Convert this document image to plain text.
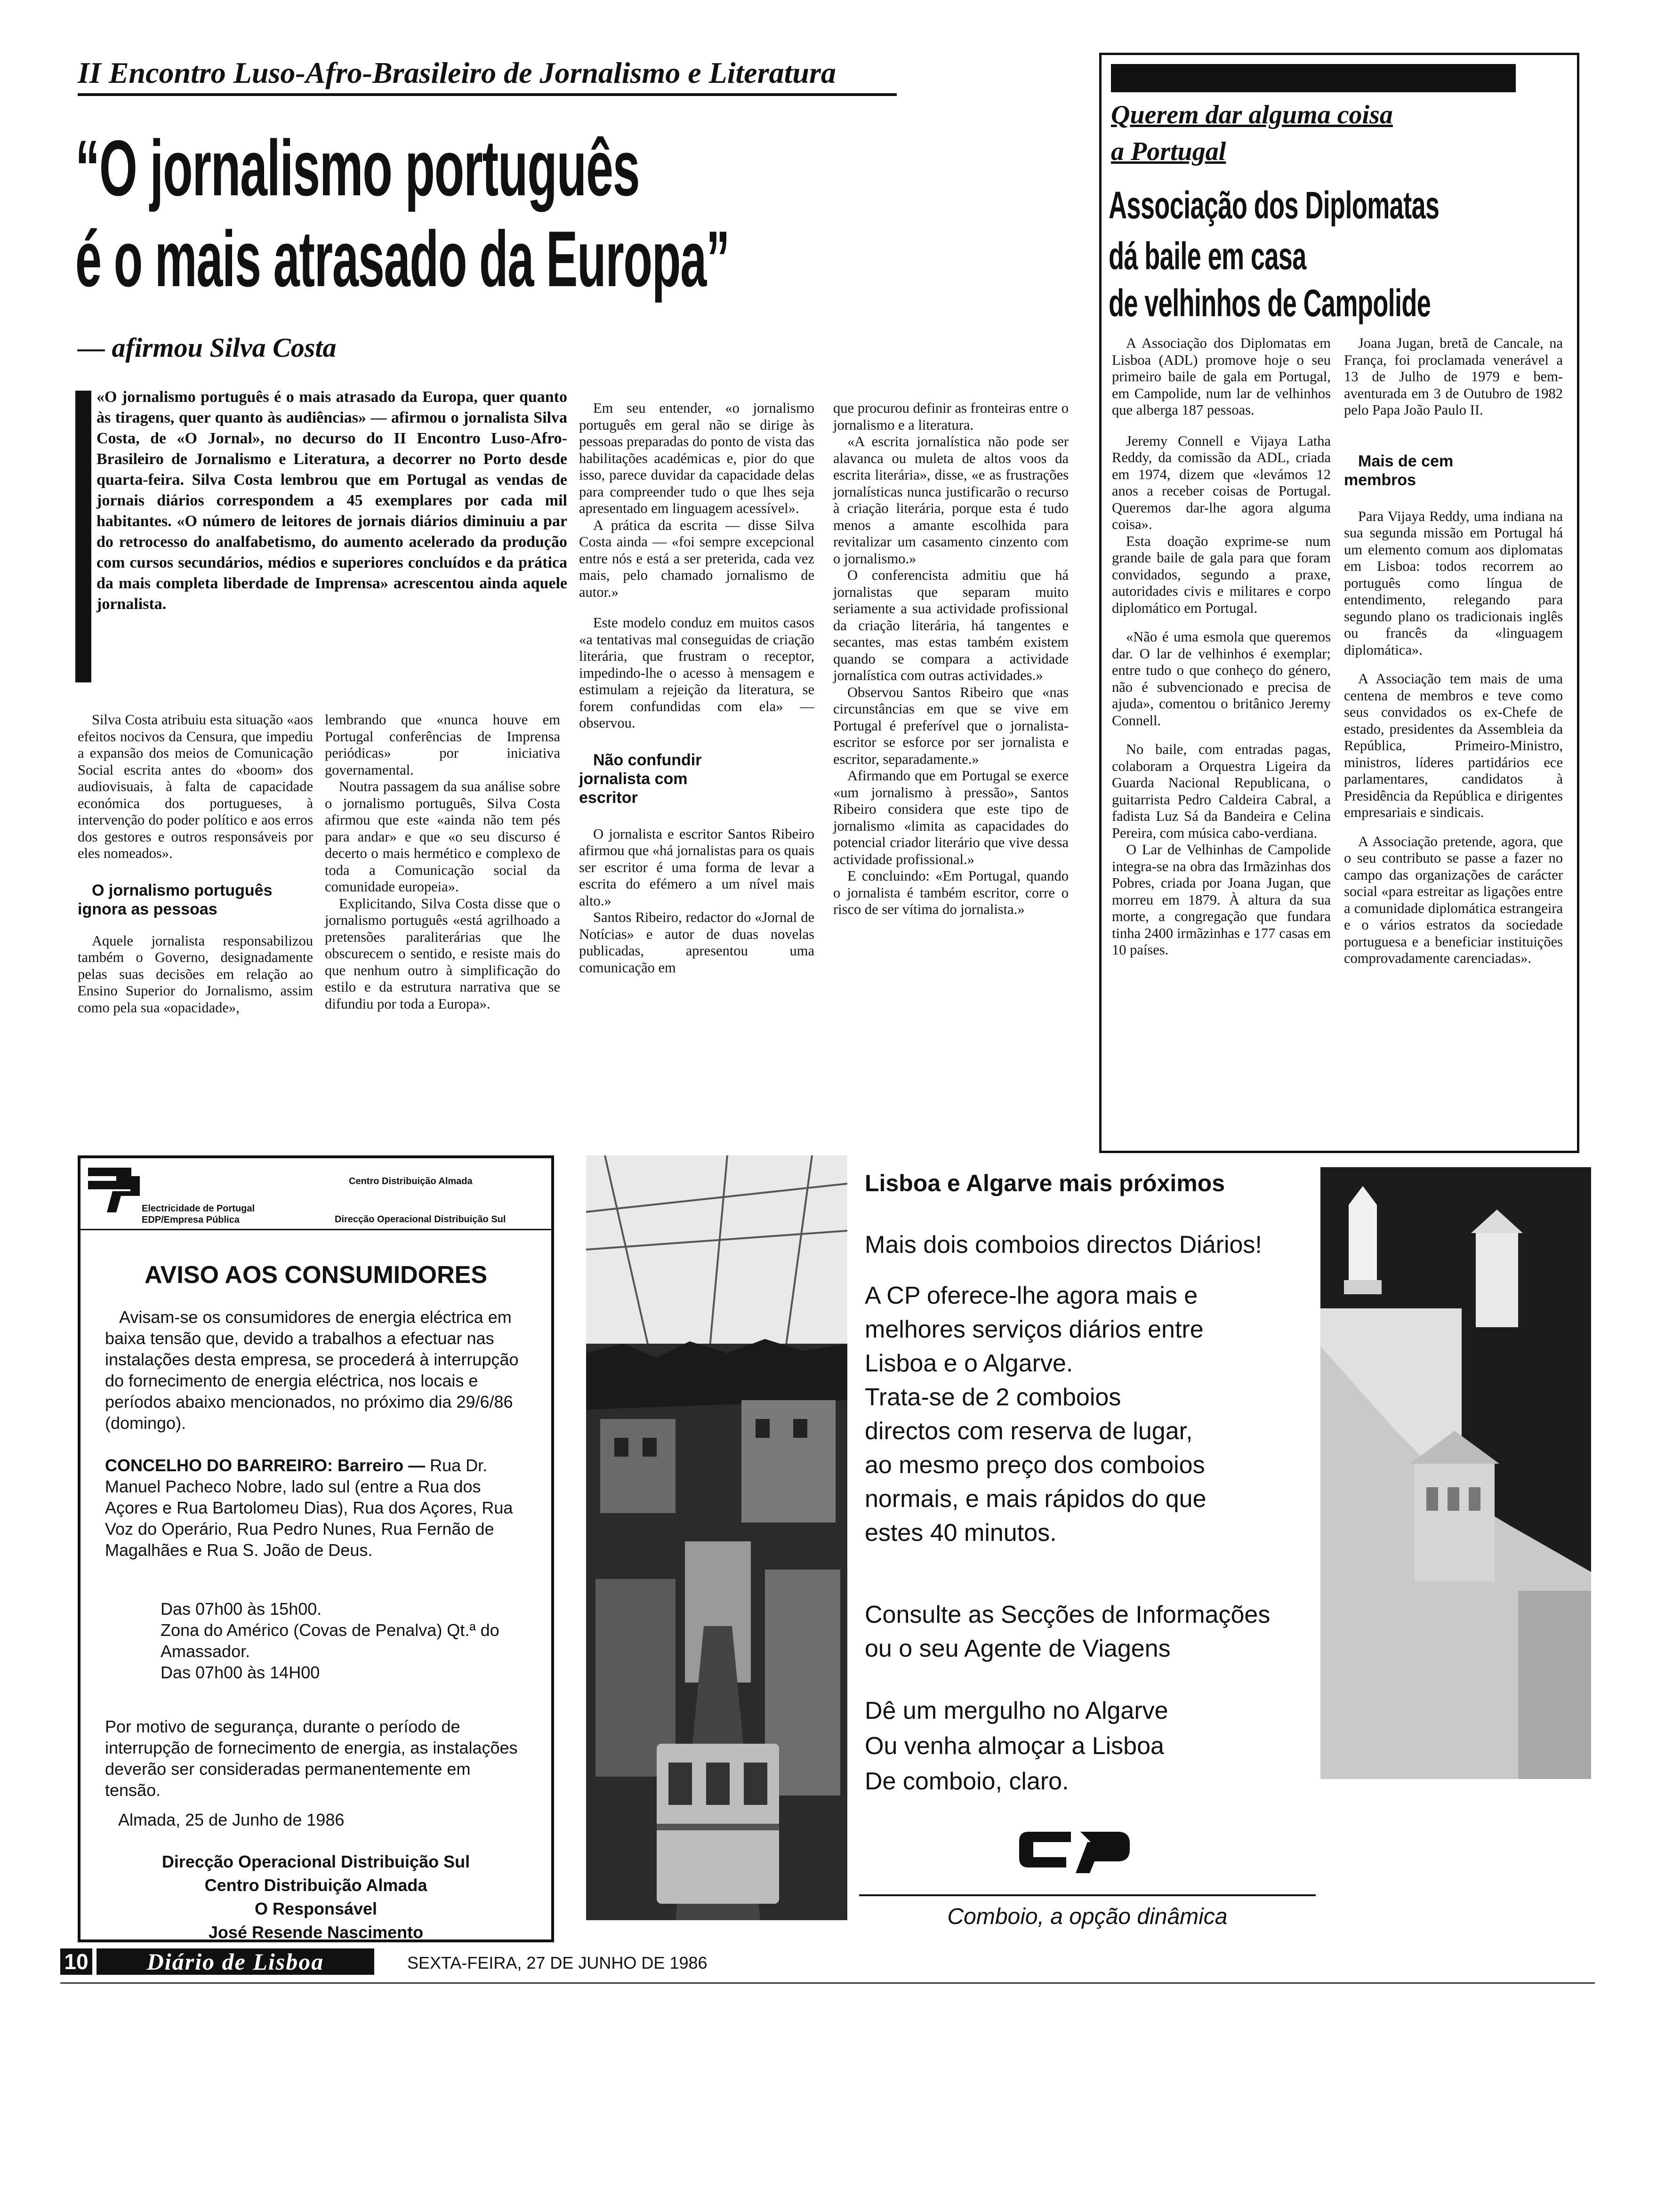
II Encontro Luso-Afro-Brasileiro de Jornalismo e Literatura
“O jornalismo português
é o mais atrasado da Europa”
— afirmou Silva Costa
«O jornalismo português é o mais atrasado da Europa, quer quanto às tiragens, quer quanto às audiências» — afirmou o jornalista Silva Costa, de «O Jornal», no decurso do II Encontro Luso-Afro-Brasileiro de Jornalismo e Literatura, a decorrer no Porto desde quarta-feira. Silva Costa lembrou que em Portugal as vendas de jornais diários correspondem a 45 exemplares por cada mil habitantes. «O número de leitores de jornais diários diminuiu a par do retrocesso do analfabetismo, do aumento acelerado da produção com cursos secundários, médios e superiores concluídos e da prática da mais completa liberdade de Imprensa» acrescentou ainda aquele jornalista.

Silva Costa atribuiu esta situação «aos efeitos nocivos da Censura, que impediu a expansão dos meios de Comunicação Social escrita antes do «boom» dos audiovisuais, à falta de capacidade económica dos portugueses, à intervenção do poder político e aos erros dos gestores e outros responsáveis por eles nomeados».

O jornalismo português ignora as pessoas

Aquele jornalista responsabilizou também o Governo, designadamente pelas suas decisões em relação ao Ensino Superior do Jornalismo, assim como pela sua «opacidade»,

lembrando que «nunca houve em Portugal conferências de Imprensa periódicas» por iniciativa governamental.

Noutra passagem da sua análise sobre o jornalismo português, Silva Costa afirmou que este «ainda não tem pés para andar» e que «o seu discurso é decerto o mais hermético e complexo de toda a Comunicação social da comunidade europeia».

Explicitando, Silva Costa disse que o jornalismo português «está agrilhoado a pretensões paraliterárias que lhe obscurecem o sentido, e resiste mais do que nenhum outro à simplificação do estilo e da estrutura narrativa que se difundiu por toda a Europa».

Em seu entender, «o jornalismo português em geral não se dirige às pessoas preparadas do ponto de vista das habilitações académicas e, pior do que isso, parece duvidar da capacidade delas para compreender tudo o que lhes seja apresentado em linguagem acessível».

A prática da escrita — disse Silva Costa ainda — «foi sempre excepcional entre nós e está a ser preterida, cada vez mais, pelo chamado jornalismo de autor.»

Este modelo conduz em muitos casos «a tentativas mal conseguidas de criação literária, que frustram o receptor, impedindo-lhe o acesso à mensagem e estimulam a rejeição da literatura, se forem confundidas com ela» — observou.

Não confundir jornalista com escritor

O jornalista e escritor Santos Ribeiro afirmou que «há jornalistas para os quais ser escritor é uma forma de levar a escrita do efémero a um nível mais alto.»

Santos Ribeiro, redactor do «Jornal de Notícias» e autor de duas novelas publicadas, apresentou uma comunicação em

que procurou definir as fronteiras entre o jornalismo e a literatura.

«A escrita jornalística não pode ser alavanca ou muleta de altos voos da escrita literária», disse, «e as frustrações jornalísticas nunca justificarão o recurso à criação literária, porque esta é tudo menos a amante escolhida para revitalizar um casamento cinzento com o jornalismo.»

O conferencista admitiu que há jornalistas que separam muito seriamente a sua actividade profissional da criação literária, há tangentes e secantes, mas estas também existem quando se compara a actividade jornalística com outras actividades.»

Observou Santos Ribeiro que «nas circunstâncias em que se vive em Portugal é preferível que o jornalista-escritor se esforce por ser jornalista e escritor, separadamente.»

Afirmando que em Portugal se exerce «um jornalismo à pressão», Santos Ribeiro considera que este tipo de jornalismo «limita as capacidades do potencial criador literário que vive dessa actividade profissional.»

E concluindo: «Em Portugal, quando o jornalista é também escritor, corre o risco de ser vítima do jornalista.»

Querem dar alguma coisa
a Portugal
Associação dos Diplomatas
dá baile em casa
de velhinhos de Campolide

A Associação dos Diplomatas em Lisboa (ADL) promove hoje o seu primeiro baile de gala em Portugal, em Campolide, num lar de velhinhos que alberga 187 pessoas.

Jeremy Connell e Vijaya Latha Reddy, da comissão da ADL, criada em 1974, dizem que «levámos 12 anos a receber coisas de Portugal. Queremos dar-lhe agora alguma coisa».

Esta doação exprime-se num grande baile de gala para que foram convidados, segundo a praxe, autoridades civis e militares e corpo diplomático em Portugal.

«Não é uma esmola que queremos dar. O lar de velhinhos é exemplar; entre tudo o que conheço do género, não é subvencionado e precisa de ajuda», comentou o britânico Jeremy Connell.

No baile, com entradas pagas, colaboram a Orquestra Ligeira da Guarda Nacional Republicana, o guitarrista Pedro Caldeira Cabral, a fadista Luz Sá da Bandeira e Celina Pereira, com música cabo-verdiana.

O Lar de Velhinhas de Campolide integra-se na obra das Irmãzinhas dos Pobres, criada por Joana Jugan, que morreu em 1879. À altura da sua morte, a congregação que fundara tinha 2400 irmãzinhas e 177 casas em 10 países.

Joana Jugan, bretã de Cancale, na França, foi proclamada venerável a 13 de Julho de 1979 e bem-aventurada em 3 de Outubro de 1982 pelo Papa João Paulo II.

Mais de cem membros

Para Vijaya Reddy, uma indiana na sua segunda missão em Portugal há um elemento comum aos diplomatas em Lisboa: todos recorrem ao português como língua de entendimento, relegando para segundo plano os tradicionais inglês ou francês da «linguagem diplomática».

A Associação tem mais de uma centena de membros e teve como seus convidados os ex-Chefe de estado, presidentes da Assembleia da República, Primeiro-Ministro, ministros, líderes partidários ece parlamentares, candidatos à Presidência da República e dirigentes empresariais e sindicais.

A Associação pretende, agora, que o seu contributo se passe a fazer no campo das organizações de carácter social «para estreitar as ligações entre a comunidade diplomática estrangeira e o vários estratos da sociedade portuguesa e a beneficiar instituições comprovadamente carenciadas».

Electricidade de Portugal
EDP/Empresa Pública
Centro Distribuição Almada
Direcção Operacional Distribuição Sul
AVISO AOS CONSUMIDORES
Avisam-se os consumidores de energia eléctrica em baixa tensão que, devido a trabalhos a efectuar nas instalações desta empresa, se procederá à interrupção do fornecimento de energia eléctrica, nos locais e períodos abaixo mencionados, no próximo dia 29/6/86 (domingo).
CONCELHO DO BARREIRO: Barreiro — Rua Dr. Manuel Pacheco Nobre, lado sul (entre a Rua dos Açores e Rua Bartolomeu Dias), Rua dos Açores, Rua Voz do Operário, Rua Pedro Nunes, Rua Fernão de Magalhães e Rua S. João de Deus.
Das 07h00 às 15h00.
Zona do Américo (Covas de Penalva) Qt.ª do Amassador.
Das 07h00 às 14H00
Por motivo de segurança, durante o período de interrupção de fornecimento de energia, as instalações deverão ser consideradas permanentemente em tensão.
Almada, 25 de Junho de 1986
Direcção Operacional Distribuição Sul
Centro Distribuição Almada
O Responsável
José Resende Nascimento
Lisboa e Algarve mais próximos
Mais dois comboios directos Diários!
A CP oferece-lhe agora mais e
melhores serviços diários entre
Lisboa e o Algarve.
Trata-se de 2 comboios
directos com reserva de lugar,
ao mesmo preço dos comboios
normais, e mais rápidos do que
estes 40 minutos.
Consulte as Secções de Informações
ou o seu Agente de Viagens
Dê um mergulho no Algarve
Ou venha almoçar a Lisboa
De comboio, claro.
Comboio, a opção dinâmica
10	Diário de Lisboa	SEXTA-FEIRA, 27 DE JUNHO DE 1986
